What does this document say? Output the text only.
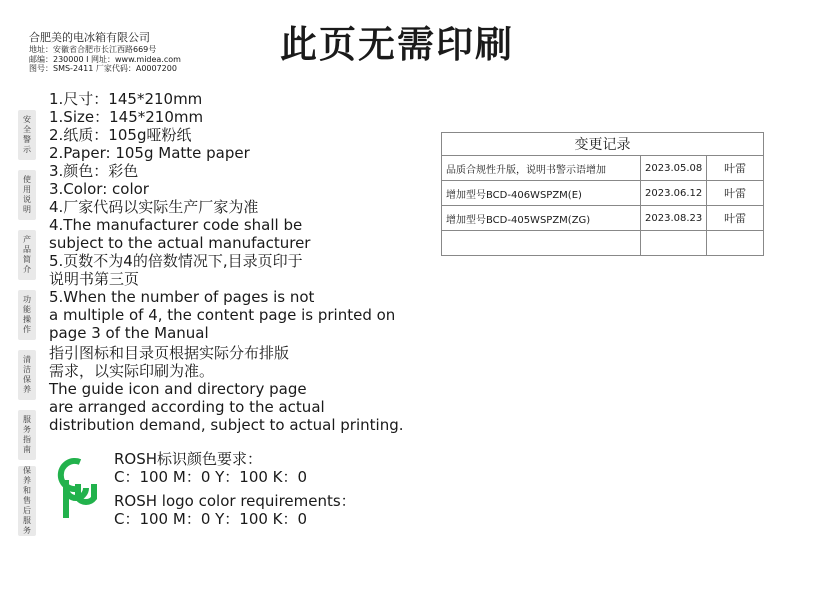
合肥美的电冰箱有限公司
地址：安徽省合肥市长江西路669号
邮编：230000 I 网址：www.midea.com
图号：SMS-2411 厂家代码：A0007200
此页无需印刷
安全警示
使用说明
产品简介
功能操作
清洁保养
服务指南
保养和售后服务
1.尺寸：145*210mm
1.Size：145*210mm
2.纸质：105g哑粉纸
2.Paper: 105g Matte paper
3.颜色：彩色
3.Color: color
4.厂家代码以实际生产厂家为准
4.The manufacturer code shall be
subject to the actual manufacturer
5.页数不为4的倍数情况下,目录页印于
说明书第三页
5.When the number of pages is not
a multiple of 4, the content page is printed on
page 3 of the Manual
指引图标和目录页根据实际分布排版
需求，以实际印刷为准。
The guide icon and directory page
are arranged according to the actual
distribution demand, subject to actual printing.
ROSH标识颜色要求：
C：100 M：0 Y：100 K：0
ROSH logo color requirements：
C：100 M：0 Y：100 K：0
变更记录		
品质合规性升版，说明书警示语增加	2023.05.08	叶雷
增加型号BCD-406WSPZM(E)	2023.06.12	叶雷
增加型号BCD-405WSPZM(ZG)	2023.08.23	叶雷
